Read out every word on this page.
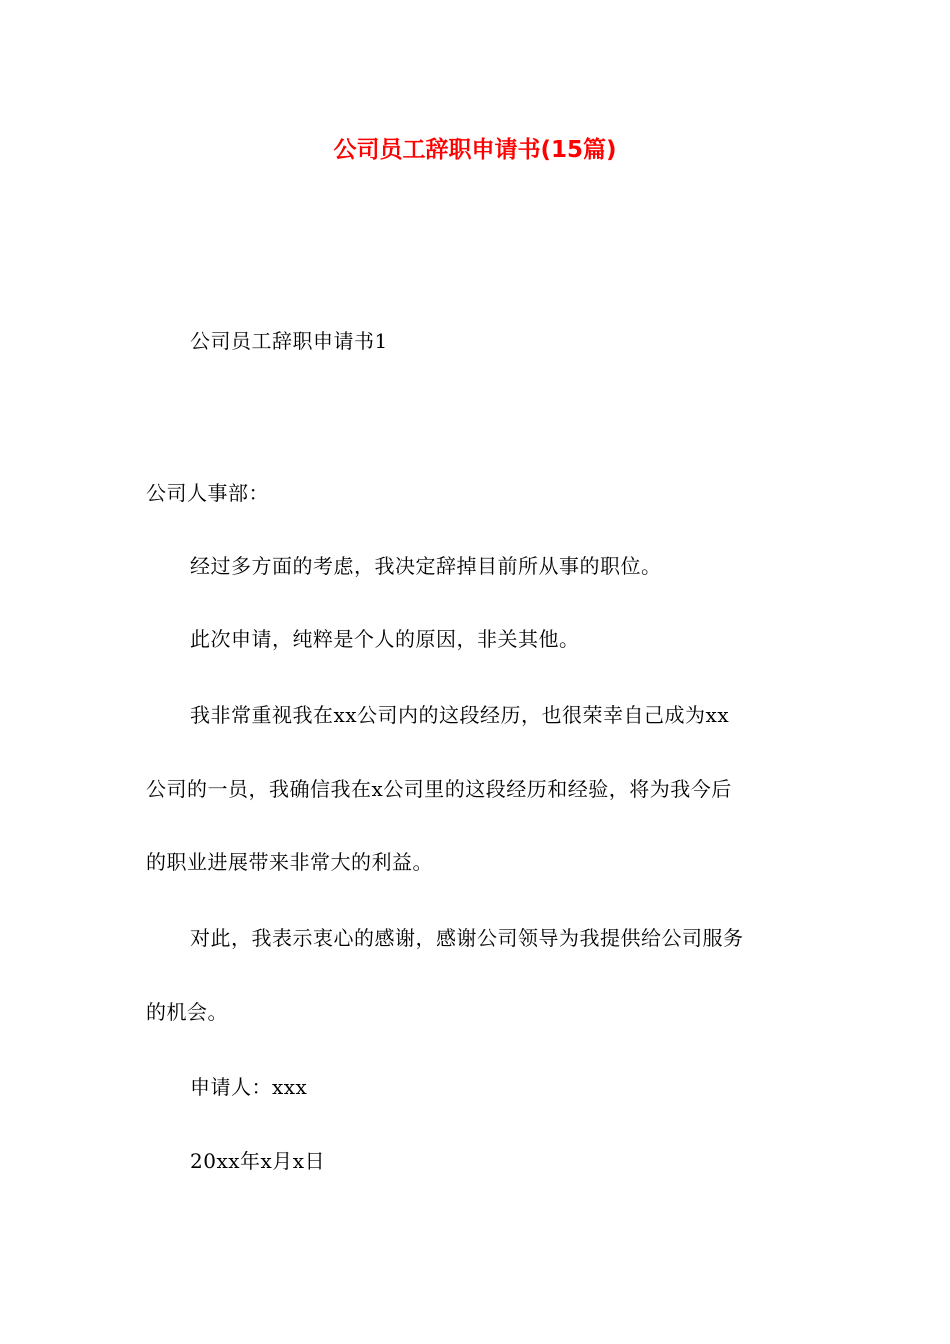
公司员工辞职申请书(15篇)
公司员工辞职申请书1
公司人事部：
经过多方面的考虑，我决定辞掉目前所从事的职位。
此次申请，纯粹是个人的原因，非关其他。
我非常重视我在xx公司内的这段经历，也很荣幸自己成为xx
公司的一员，我确信我在x公司里的这段经历和经验，将为我今后
的职业进展带来非常大的利益。
对此，我表示衷心的感谢，感谢公司领导为我提供给公司服务
的机会。
申请人：xxx
20xx年x月x日
